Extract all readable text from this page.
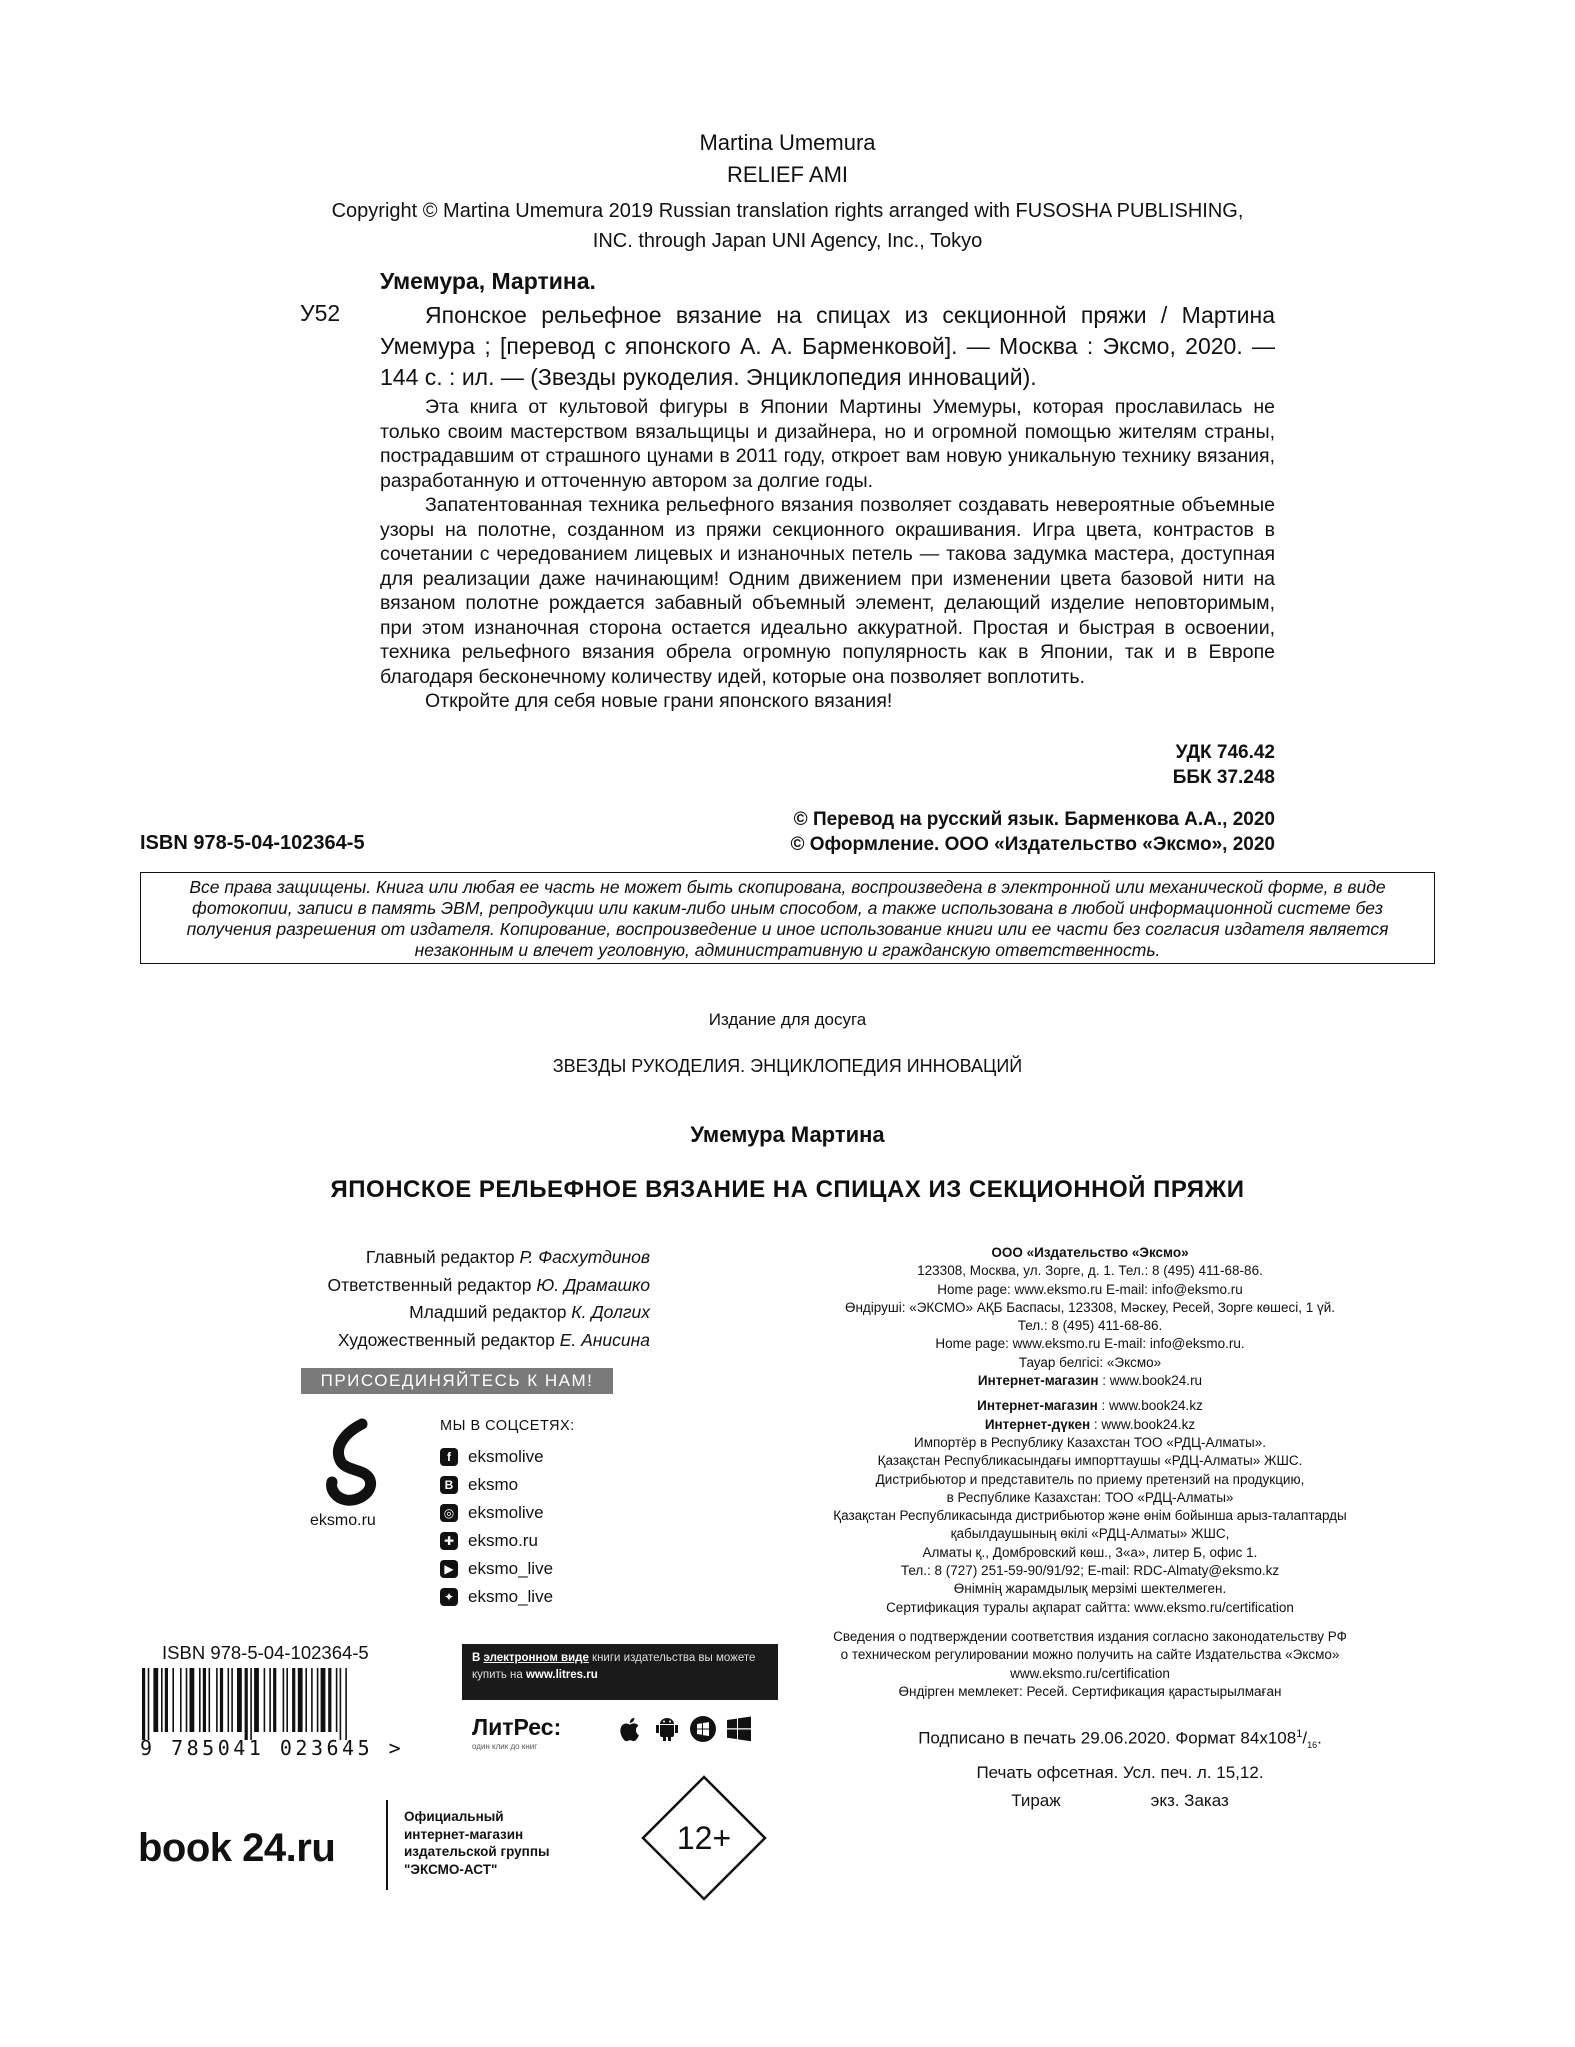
Martina Umemura
RELIEF AMI
Copyright © Martina Umemura 2019 Russian translation rights arranged with FUSOSHA PUBLISHING,
INC. through Japan UNI Agency, Inc., Tokyo
Умемура, Мартина.
У52	Японское рельефное вязание на спицах из секционной пряжи / Мартина Умемура ; [перевод с японского А. А. Барменковой]. — Москва : Эксмо, 2020. — 144 с. : ил. — (Звезды рукоделия. Энциклопедия инноваций).

Эта книга от культовой фигуры в Японии Мартины Умемуры, которая прославилась не только своим мастерством вязальщицы и дизайнера, но и огромной помощью жителям страны, пострадавшим от страшного цунами в 2011 году, откроет вам новую уникальную технику вязания, разработанную и отточенную автором за долгие годы.

Запатентованная техника рельефного вязания позволяет создавать невероятные объемные узоры на полотне, созданном из пряжи секционного окрашивания. Игра цвета, контрастов в сочетании с чередованием лицевых и изнаночных петель — такова задумка мастера, доступная для реализации даже начинающим! Одним движением при изменении цвета базовой нити на вязаном полотне рождается забавный объемный элемент, делающий изделие неповторимым, при этом изнаночная сторона остается идеально аккуратной. Простая и быстрая в освоении, техника рельефного вязания обрела огромную популярность как в Японии, так и в Европе благодаря бесконечному количеству идей, которые она позволяет воплотить.

Откройте для себя новые грани японского вязания!

УДК 746.42
ББК 37.248
ISBN 978-5-04-102364-5
© Перевод на русский язык. Барменкова А.А., 2020
© Оформление. ООО «Издательство «Эксмо», 2020
Все права защищены. Книга или любая ее часть не может быть скопирована, воспроизведена в электронной или механической форме, в виде фотокопии, записи в память ЭВМ, репродукции или каким-либо иным способом, а также использована в любой информационной системе без получения разрешения от издателя. Копирование, воспроизведение и иное использование книги или ее части без согласия издателя является незаконным и влечет уголовную, административную и гражданскую ответственность.
Издание для досуга
ЗВЕЗДЫ РУКОДЕЛИЯ. ЭНЦИКЛОПЕДИЯ ИННОВАЦИЙ
Умемура Мартина
ЯПОНСКОЕ РЕЛЬЕФНОЕ ВЯЗАНИЕ НА СПИЦАХ ИЗ СЕКЦИОННОЙ ПРЯЖИ
Главный редактор Р. Фасхутдинов
Ответственный редактор Ю. Драмашко
Младший редактор К. Долгих
Художественный редактор Е. Анисина
ООО «Издательство «Эксмо»
123308, Москва, ул. Зорге, д. 1. Тел.: 8 (495) 411-68-86.
Home page: www.eksmo.ru E-mail: info@eksmo.ru
Өндіруші: «ЭКСМО» АҚБ Баспасы, 123308, Мәскеу, Ресей, Зорге көшесі, 1 үй.
Тел.: 8 (495) 411-68-86.
Home page: www.eksmo.ru E-mail: info@eksmo.ru.
Тауар белгісі: «Эксмо»
Интернет-магазин : www.book24.ru
Интернет-магазин : www.book24.kz
Интернет-дүкен : www.book24.kz
Импортёр в Республику Казахстан ТОО «РДЦ-Алматы».
Қазақстан Республикасындағы импорттаушы «РДЦ-Алматы» ЖШС.
Дистрибьютор и представитель по приему претензий на продукцию,
в Республике Казахстан: ТОО «РДЦ-Алматы»
Қазақстан Республикасында дистрибьютор және өнім бойынша арыз-талаптарды
қабылдаушының өкілі «РДЦ-Алматы» ЖШС,
Алматы қ., Домбровский көш., 3«а», литер Б, офис 1.
Тел.: 8 (727) 251-59-90/91/92; E-mail: RDC-Almaty@eksmo.kz
Өнімнің жарамдылық мерзімі шектелмеген.
Сертификация туралы ақпарат сайтта: www.eksmo.ru/certification
Сведения о подтверждении соответствия издания согласно законодательству РФ
о техническом регулировании можно получить на сайте Издательства «Эксмо»
www.eksmo.ru/certification
Өндірген мемлекет: Ресей. Сертификация қарастырылмаған
Подписано в печать 29.06.2020. Формат $84х108^1/_{16}$.
Печать офсетная. Усл. печ. л. 15,12.
Тираж	экз. Заказ
ПРИСОЕДИНЯЙТЕСЬ К НАМ!
eksmo.ru
МЫ В СОЦСЕТЯХ:
f	eksmolive
B eksmo
◎ eksmolive
✚ eksmo.ru
▶ eksmo_live
✦ eksmo_live
ISBN 978-5-04-102364-5
9 785041 023645 >
В электронном виде книги издательства вы можете
купить на www.litres.ru
ЛитРес:
один клик до книг
book 24.ru
Официальный
интернет-магазин
издательской группы
"ЭКСМО-АСТ"
12+
